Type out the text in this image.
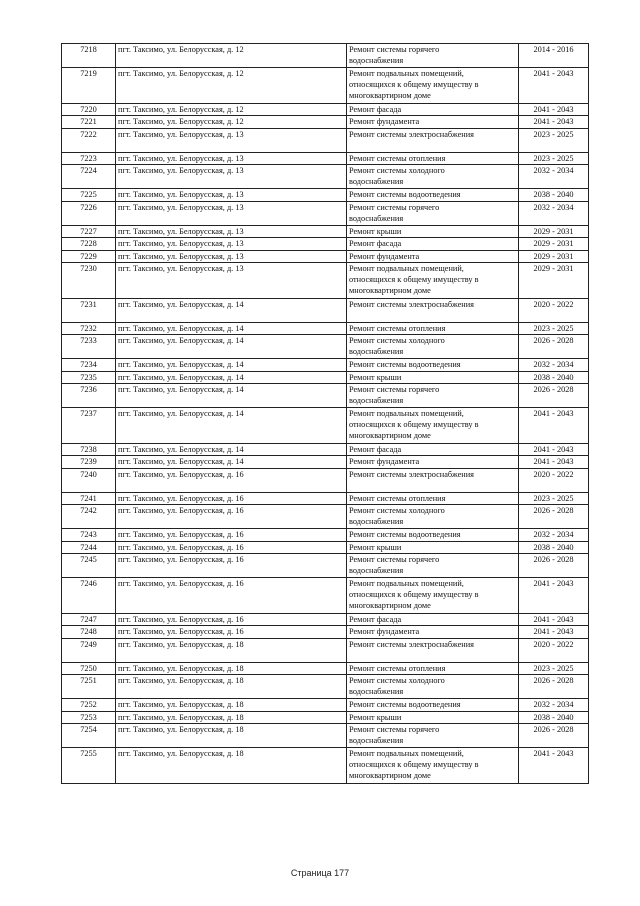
7218	пгт. Таксимо, ул. Белорусская, д. 12	Ремонт системы горячего
водоснабжения	2014 - 2016
7219	пгт. Таксимо, ул. Белорусская, д. 12	Ремонт подвальных помещений,
относящихся к общему имуществу в
многоквартирном доме	2041 - 2043
7220	пгт. Таксимо, ул. Белорусская, д. 12	Ремонт фасада	2041 - 2043
7221	пгт. Таксимо, ул. Белорусская, д. 12	Ремонт фундамента	2041 - 2043
7222	пгт. Таксимо, ул. Белорусская, д. 13	Ремонт системы электроснабжения	2023 - 2025
7223	пгт. Таксимо, ул. Белорусская, д. 13	Ремонт системы отопления	2023 - 2025
7224	пгт. Таксимо, ул. Белорусская, д. 13	Ремонт системы холодного
водоснабжения	2032 - 2034
7225	пгт. Таксимо, ул. Белорусская, д. 13	Ремонт системы водоотведения	2038 - 2040
7226	пгт. Таксимо, ул. Белорусская, д. 13	Ремонт системы горячего
водоснабжения	2032 - 2034
7227	пгт. Таксимо, ул. Белорусская, д. 13	Ремонт крыши	2029 - 2031
7228	пгт. Таксимо, ул. Белорусская, д. 13	Ремонт фасада	2029 - 2031
7229	пгт. Таксимо, ул. Белорусская, д. 13	Ремонт фундамента	2029 - 2031
7230	пгт. Таксимо, ул. Белорусская, д. 13	Ремонт подвальных помещений,
относящихся к общему имуществу в
многоквартирном доме	2029 - 2031
7231	пгт. Таксимо, ул. Белорусская, д. 14	Ремонт системы электроснабжения	2020 - 2022
7232	пгт. Таксимо, ул. Белорусская, д. 14	Ремонт системы отопления	2023 - 2025
7233	пгт. Таксимо, ул. Белорусская, д. 14	Ремонт системы холодного
водоснабжения	2026 - 2028
7234	пгт. Таксимо, ул. Белорусская, д. 14	Ремонт системы водоотведения	2032 - 2034
7235	пгт. Таксимо, ул. Белорусская, д. 14	Ремонт крыши	2038 - 2040
7236	пгт. Таксимо, ул. Белорусская, д. 14	Ремонт системы горячего
водоснабжения	2026 - 2028
7237	пгт. Таксимо, ул. Белорусская, д. 14	Ремонт подвальных помещений,
относящихся к общему имуществу в
многоквартирном доме	2041 - 2043
7238	пгт. Таксимо, ул. Белорусская, д. 14	Ремонт фасада	2041 - 2043
7239	пгт. Таксимо, ул. Белорусская, д. 14	Ремонт фундамента	2041 - 2043
7240	пгт. Таксимо, ул. Белорусская, д. 16	Ремонт системы электроснабжения	2020 - 2022
7241	пгт. Таксимо, ул. Белорусская, д. 16	Ремонт системы отопления	2023 - 2025
7242	пгт. Таксимо, ул. Белорусская, д. 16	Ремонт системы холодного
водоснабжения	2026 - 2028
7243	пгт. Таксимо, ул. Белорусская, д. 16	Ремонт системы водоотведения	2032 - 2034
7244	пгт. Таксимо, ул. Белорусская, д. 16	Ремонт крыши	2038 - 2040
7245	пгт. Таксимо, ул. Белорусская, д. 16	Ремонт системы горячего
водоснабжения	2026 - 2028
7246	пгт. Таксимо, ул. Белорусская, д. 16	Ремонт подвальных помещений,
относящихся к общему имуществу в
многоквартирном доме	2041 - 2043
7247	пгт. Таксимо, ул. Белорусская, д. 16	Ремонт фасада	2041 - 2043
7248	пгт. Таксимо, ул. Белорусская, д. 16	Ремонт фундамента	2041 - 2043
7249	пгт. Таксимо, ул. Белорусская, д. 18	Ремонт системы электроснабжения	2020 - 2022
7250	пгт. Таксимо, ул. Белорусская, д. 18	Ремонт системы отопления	2023 - 2025
7251	пгт. Таксимо, ул. Белорусская, д. 18	Ремонт системы холодного
водоснабжения	2026 - 2028
7252	пгт. Таксимо, ул. Белорусская, д. 18	Ремонт системы водоотведения	2032 - 2034
7253	пгт. Таксимо, ул. Белорусская, д. 18	Ремонт крыши	2038 - 2040
7254	пгт. Таксимо, ул. Белорусская, д. 18	Ремонт системы горячего
водоснабжения	2026 - 2028
7255	пгт. Таксимо, ул. Белорусская, д. 18	Ремонт подвальных помещений,
относящихся к общему имуществу в
многоквартирном доме	2041 - 2043
Страница 177
